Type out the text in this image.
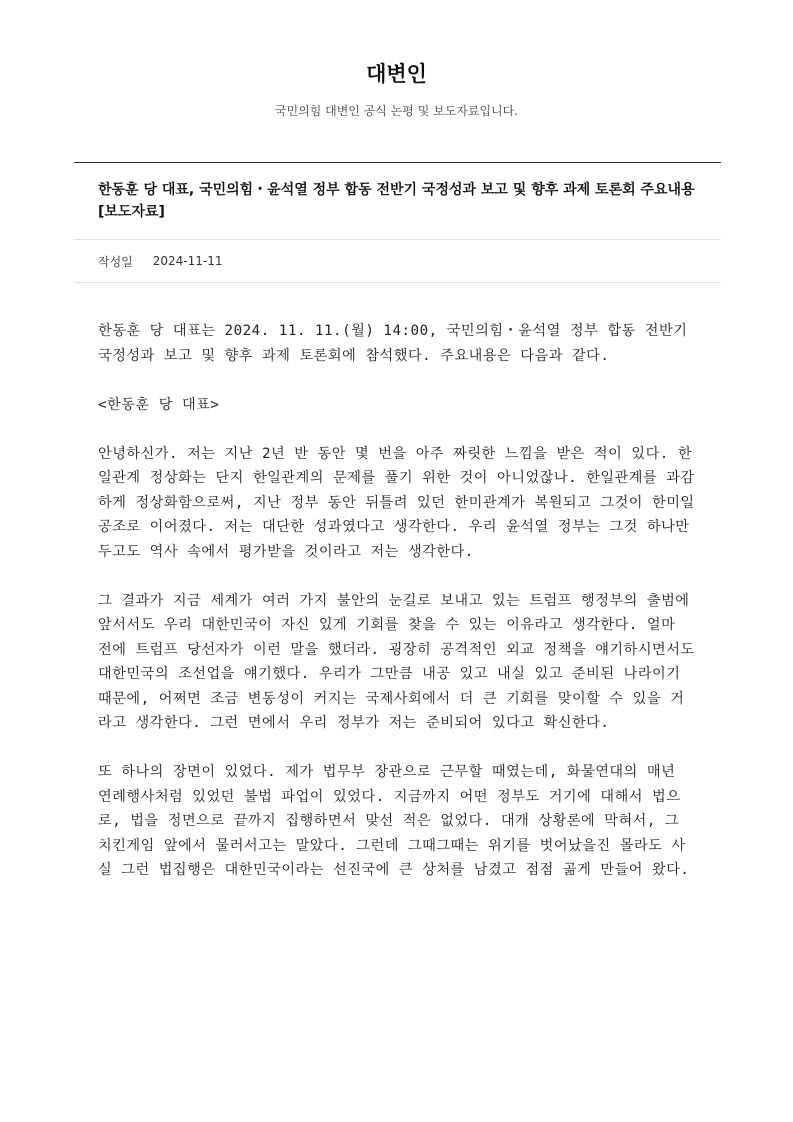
대변인
국민의힘 대변인 공식 논평 및 보도자료입니다.
한동훈 당 대표, 국민의힘・윤석열 정부 합동 전반기 국정성과 보고 및 향후 과제 토론회 주요내용 [보도자료]
작성일 2024-11-11

한동훈 당 대표는 2024. 11. 11.(월) 14:00, 국민의힘・윤석열 정부 합동 전반기 국정성과 보고 및 향후 과제 토론회에 참석했다. 주요내용은 다음과 같다.

<한동훈 당 대표>

안녕하신가. 저는 지난 2년 반 동안 몇 번을 아주 짜릿한 느낌을 받은 적이 있다. 한일관계 정상화는 단지 한일관계의 문제를 풀기 위한 것이 아니었잖나. 한일관계를 과감하게 정상화함으로써, 지난 정부 동안 뒤틀려 있던 한미관계가 복원되고 그것이 한미일 공조로 이어졌다. 저는 대단한 성과였다고 생각한다. 우리 윤석열 정부는 그것 하나만 두고도 역사 속에서 평가받을 것이라고 저는 생각한다.

그 결과가 지금 세계가 여러 가지 불안의 눈길로 보내고 있는 트럼프 행정부의 출범에 앞서서도 우리 대한민국이 자신 있게 기회를 찾을 수 있는 이유라고 생각한다. 얼마 전에 트럼프 당선자가 이런 말을 했더라. 굉장히 공격적인 외교 정책을 얘기하시면서도 대한민국의 조선업을 얘기했다. 우리가 그만큼 내공 있고 내실 있고 준비된 나라이기 때문에, 어쩌면 조금 변동성이 커지는 국제사회에서 더 큰 기회를 맞이할 수 있을 거라고 생각한다. 그런 면에서 우리 정부가 저는 준비되어 있다고 확신한다.

또 하나의 장면이 있었다. 제가 법무부 장관으로 근무할 때였는데, 화물연대의 매년 연례행사처럼 있었던 불법 파업이 있었다. 지금까지 어떤 정부도 거기에 대해서 법으로, 법을 정면으로 끝까지 집행하면서 맞선 적은 없었다. 대개 상황론에 막혀서, 그 치킨게임 앞에서 물러서고는 말았다. 그런데 그때그때는 위기를 벗어났을진 몰라도 사실 그런 법집행은 대한민국이라는 선진국에 큰 상처를 남겼고 점점 곪게 만들어 왔다.
